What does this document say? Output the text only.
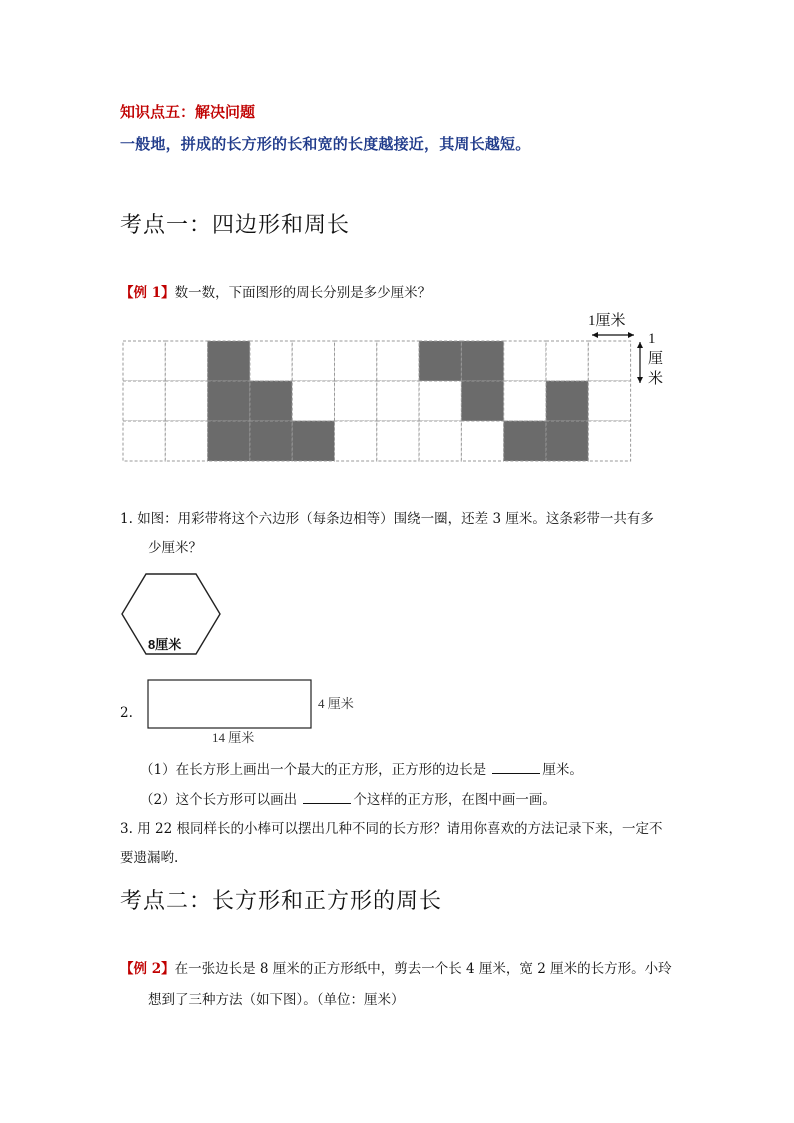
知识点五：解决问题
一般地，拼成的长方形的长和宽的长度越接近，其周长越短。
考点一：四边形和周长
【例 1】数一数，下面图形的周长分别是多少厘米？
1厘米
1
厘
米
1. 如图：用彩带将这个六边形（每条边相等）围绕一圈，还差 3 厘米。这条彩带一共有多
少厘米？
8厘米
2.
4 厘米
14 厘米
（1）在长方形上画出一个最大的正方形，正方形的边长是	厘米。
（2）这个长方形可以画出	个这样的正方形，在图中画一画。
3. 用 22 根同样长的小棒可以摆出几种不同的长方形？请用你喜欢的方法记录下来，一定不
要遗漏哟.
考点二：长方形和正方形的周长
【例 2】在一张边长是 8 厘米的正方形纸中，剪去一个长 4 厘米，宽 2 厘米的长方形。小玲
想到了三种方法（如下图）。（单位：厘米）
